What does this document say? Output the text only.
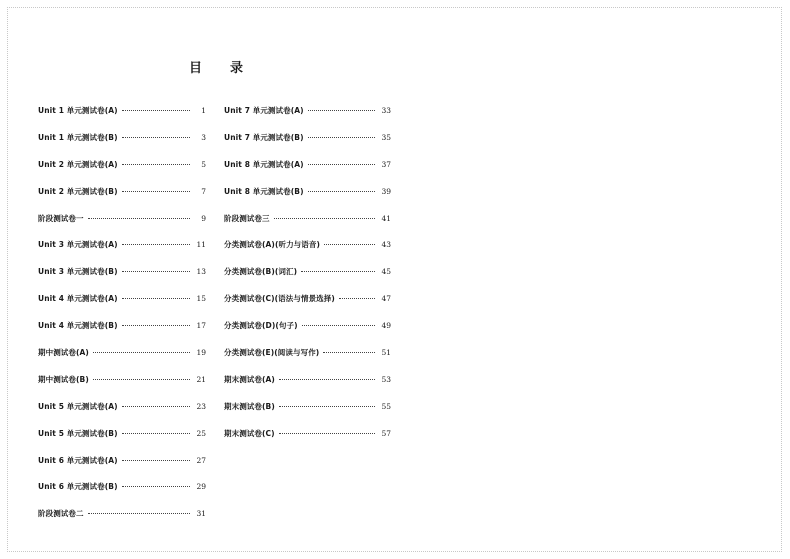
目 录
Unit 1 单元测试卷(A)	1
Unit 1 单元测试卷(B)	3
Unit 2 单元测试卷(A)	5
Unit 2 单元测试卷(B)	7
阶段测试卷一	9
Unit 3 单元测试卷(A)	11
Unit 3 单元测试卷(B)	13
Unit 4 单元测试卷(A)	15
Unit 4 单元测试卷(B)	17
期中测试卷(A)	19
期中测试卷(B)	21
Unit 5 单元测试卷(A)	23
Unit 5 单元测试卷(B)	25
Unit 6 单元测试卷(A)	27
Unit 6 单元测试卷(B)	29
阶段测试卷二	31
Unit 7 单元测试卷(A)	33
Unit 7 单元测试卷(B)	35
Unit 8 单元测试卷(A)	37
Unit 8 单元测试卷(B)	39
阶段测试卷三	41
分类测试卷(A)(听力与语音)	43
分类测试卷(B)(词汇)	45
分类测试卷(C)(语法与情景选择)	47
分类测试卷(D)(句子)	49
分类测试卷(E)(阅读与写作)	51
期末测试卷(A)	53
期末测试卷(B)	55
期末测试卷(C)	57
